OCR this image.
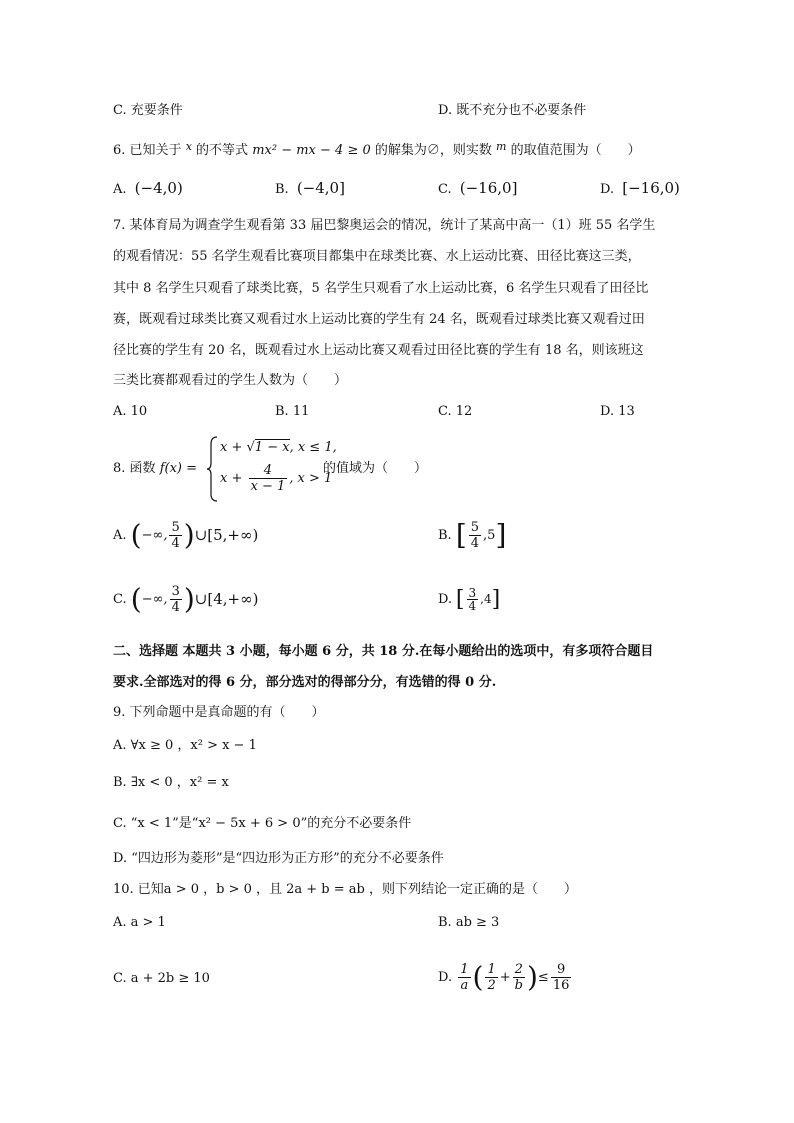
C. 充要条件	D. 既不充分也不必要条件
6. 已知关于 $^x$ 的不等式 mx² − mx − 4 ≥ 0 的解集为∅，则实数 $^m$ 的取值范围为（　　）
A. (−4,0)	B. (−4,0]	C. (−16,0]	D. [−16,0)
7. 某体育局为调查学生观看第 33 届巴黎奥运会的情况，统计了某高中高一（1）班 55 名学生
的观看情况：55 名学生观看比赛项目都集中在球类比赛、水上运动比赛、田径比赛这三类，
其中 8 名学生只观看了球类比赛，5 名学生只观看了水上运动比赛，6 名学生只观看了田径比
赛，既观看过球类比赛又观看过水上运动比赛的学生有 24 名，既观看过球类比赛又观看过田
径比赛的学生有 20 名，既观看过水上运动比赛又观看过田径比赛的学生有 18 名，则该班这
三类比赛都观看过的学生人数为（　　）
A. 10	B. 11	C. 12	D. 13
8. 函数 f(x) =
x + √1 − x, x ≤ 1,
$x + \frac{4}{x - 1}$ , x > 1
的值域为（　　）
A. (−∞, $\frac{5}{4}$ )∪[5,+∞)	B. [ $\frac{5}{4} ,5$]
C. (−∞, $\frac{3}{4}$ )∪[4,+∞)	D. [ $\frac{3}{4} ,4$]
二、选择题 本题共 3 小题，每小题 6 分，共 18 分.在每小题给出的选项中，有多项符合题目
要求.全部选对的得 6 分，部分选对的得部分分，有选错的得 0 分.
9. 下列命题中是真命题的有（　　）
A. ∀x ≥ 0 ，x² > x − 1
B. ∃x < 0 ，x² = x
C. “x < 1”是“x² − 5x + 6 > 0”的充分不必要条件
D. “四边形为菱形”是“四边形为正方形”的充分不必要条件
10. 已知a > 0 ，b > 0 ，且 2a + b = ab ，则下列结论一定正确的是（　　）
A. a > 1	B. ab ≥ 3
C. a + 2b ≥ 10	D. $\frac{1}{a}$ ( $\frac{1}{2} + \frac{2}{b}$ )≤ $\frac{9}{16}$
